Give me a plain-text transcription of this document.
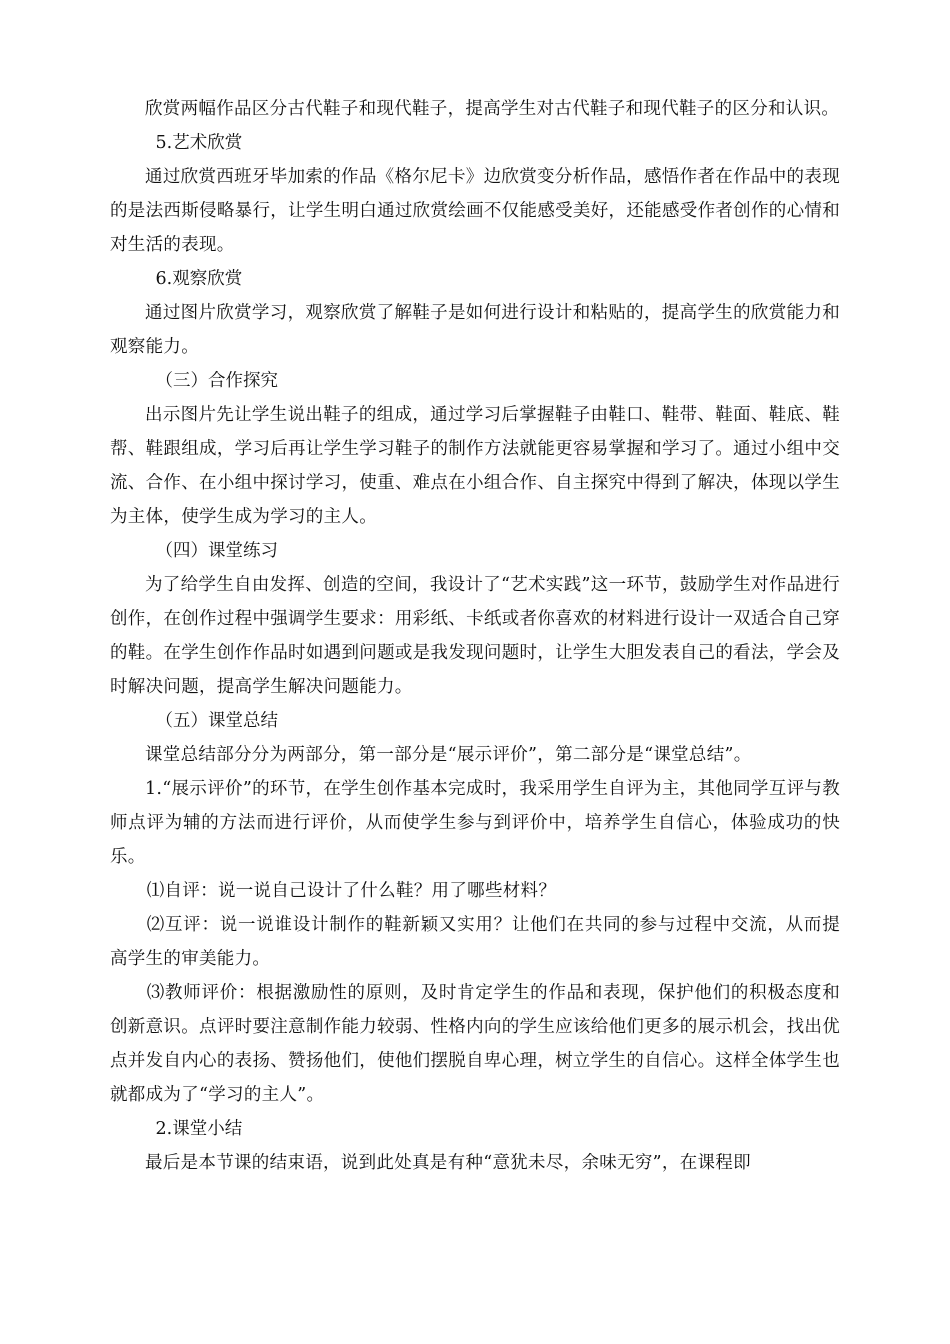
欣赏两幅作品区分古代鞋子和现代鞋子，提高学生对古代鞋子和现代鞋子的区分和认识。

5.艺术欣赏

通过欣赏西班牙毕加索的作品《格尔尼卡》边欣赏变分析作品，感悟作者在作品中的表现的是法西斯侵略暴行，让学生明白通过欣赏绘画不仅能感受美好，还能感受作者创作的心情和对生活的表现。

6.观察欣赏

通过图片欣赏学习，观察欣赏了解鞋子是如何进行设计和粘贴的，提高学生的欣赏能力和观察能力。

（三）合作探究

出示图片先让学生说出鞋子的组成，通过学习后掌握鞋子由鞋口、鞋带、鞋面、鞋底、鞋帮、鞋跟组成，学习后再让学生学习鞋子的制作方法就能更容易掌握和学习了。通过小组中交流、合作、在小组中探讨学习，使重、难点在小组合作、自主探究中得到了解决，体现以学生为主体，使学生成为学习的主人。

（四）课堂练习

为了给学生自由发挥、创造的空间，我设计了“艺术实践”这一环节，鼓励学生对作品进行创作，在创作过程中强调学生要求：用彩纸、卡纸或者你喜欢的材料进行设计一双适合自己穿的鞋。在学生创作作品时如遇到问题或是我发现问题时，让学生大胆发表自己的看法，学会及时解决问题，提高学生解决问题能力。

（五）课堂总结

课堂总结部分分为两部分，第一部分是“展示评价”，第二部分是“课堂总结”。

1.“展示评价”的环节，在学生创作基本完成时，我采用学生自评为主，其他同学互评与教师点评为辅的方法而进行评价，从而使学生参与到评价中，培养学生自信心，体验成功的快乐。

⑴自评：说一说自己设计了什么鞋？用了哪些材料？

⑵互评：说一说谁设计制作的鞋新颖又实用？让他们在共同的参与过程中交流，从而提高学生的审美能力。

⑶教师评价：根据激励性的原则，及时肯定学生的作品和表现，保护他们的积极态度和创新意识。点评时要注意制作能力较弱、性格内向的学生应该给他们更多的展示机会，找出优点并发自内心的表扬、赞扬他们，使他们摆脱自卑心理，树立学生的自信心。这样全体学生也就都成为了“学习的主人”。

2.课堂小结

最后是本节课的结束语，说到此处真是有种“意犹未尽，余味无穷”，在课程即
